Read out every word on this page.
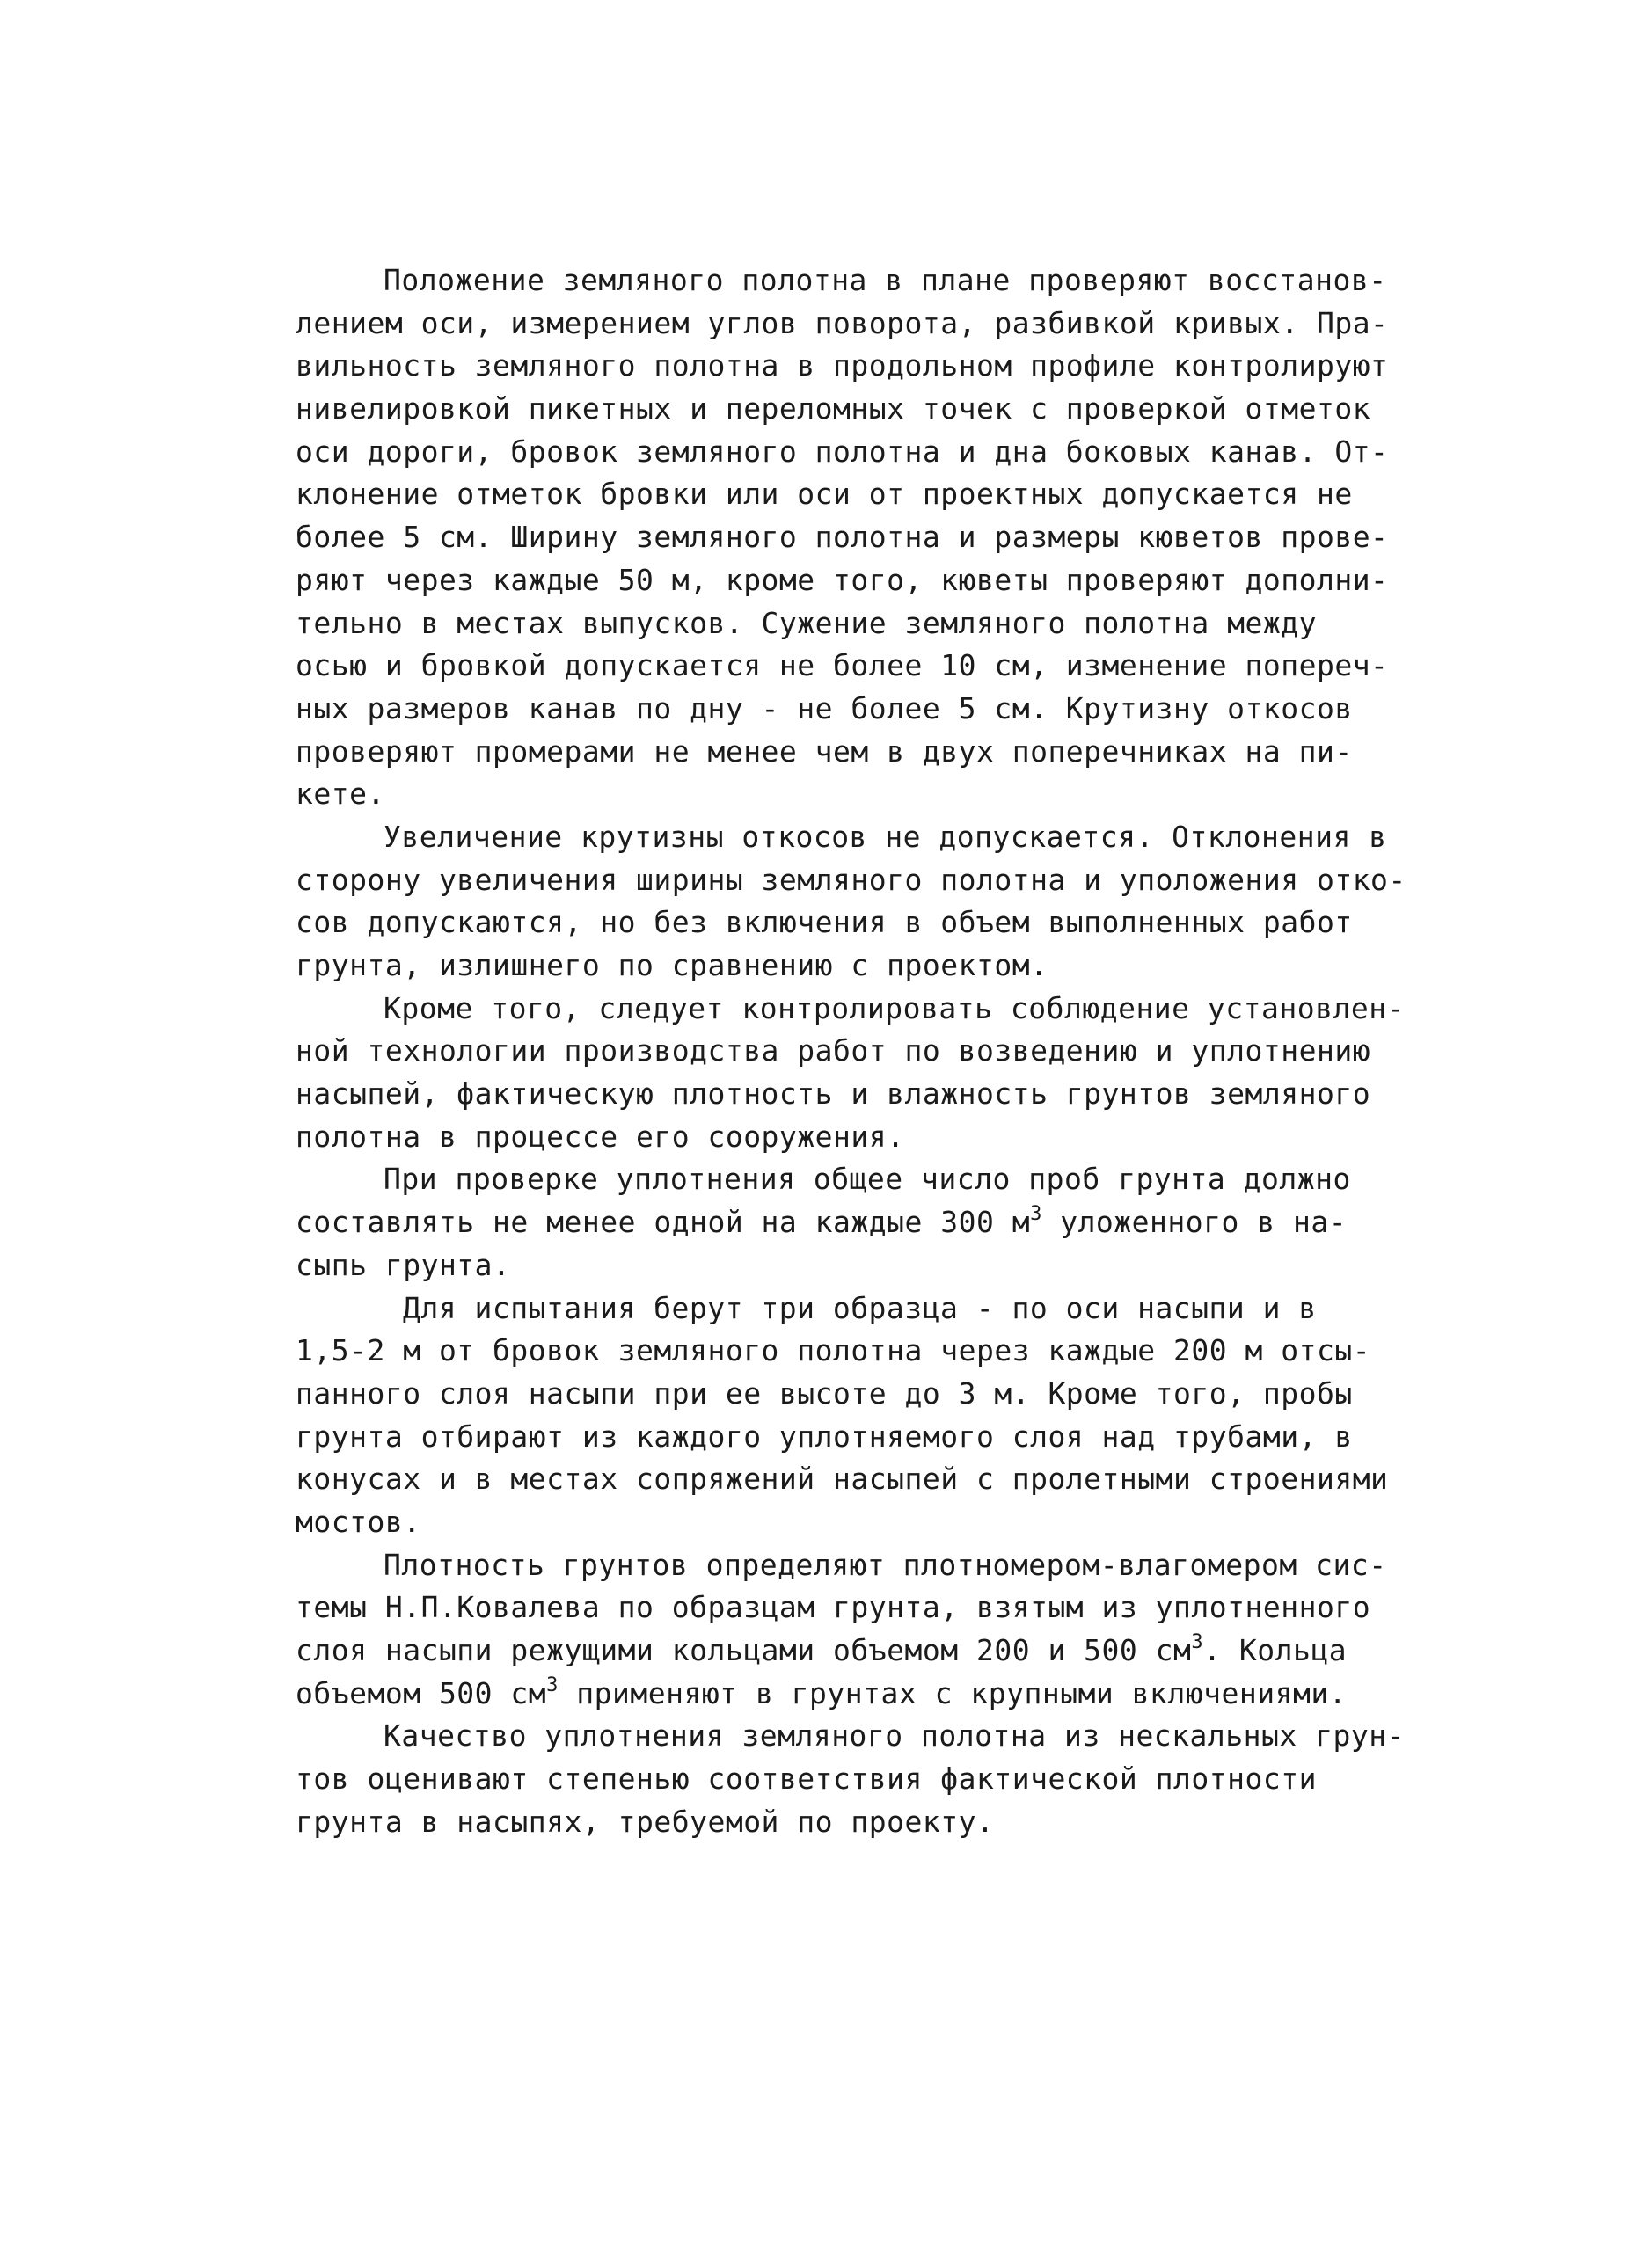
Положение земляного полотна в плане проверяют восстанов-
лением оси, измерением углов поворота, разбивкой кривых. Пра-
вильность земляного полотна в продольном профиле контролируют
нивелировкой пикетных и переломных точек с проверкой отметок
оси дороги, бровок земляного полотна и дна боковых канав. От-
клонение отметок бровки или оси от проектных допускается не
более 5 см. Ширину земляного полотна и размеры кюветов прове-
ряют через каждые 50 м, кроме того, кюветы проверяют дополни-
тельно в местах выпусков. Сужение земляного полотна между
осью и бровкой допускается не более 10 см, изменение попереч-
ных размеров канав по дну - не более 5 см. Крутизну откосов
проверяют промерами не менее чем в двух поперечниках на пи-
кете.
Увеличение крутизны откосов не допускается. Отклонения в
сторону увеличения ширины земляного полотна и уположения отко-
сов допускаются, но без включения в объем выполненных работ
грунта, излишнего по сравнению с проектом.
Кроме того, следует контролировать соблюдение установлен-
ной технологии производства работ по возведению и уплотнению
насыпей, фактическую плотность и влажность грунтов земляного
полотна в процессе его сооружения.
При проверке уплотнения общее число проб грунта должно
составлять не менее одной на каждые 300 $м^3$ уложенного в на-
сыпь грунта.
Для испытания берут три образца - по оси насыпи и в
1,5-2 м от бровок земляного полотна через каждые 200 м отсы-
панного слоя насыпи при ее высоте до 3 м. Кроме того, пробы
грунта отбирают из каждого уплотняемого слоя над трубами, в
конусах и в местах сопряжений насыпей с пролетными строениями
мостов.
Плотность грунтов определяют плотномером-влагомером сис-
темы Н.П.Ковалева по образцам грунта, взятым из уплотненного
слоя насыпи режущими кольцами объемом 200 и 500 $см^3$. Кольца
объемом 500 $см^3$ применяют в грунтах с крупными включениями.
Качество уплотнения земляного полотна из нескальных грун-
тов оценивают степенью соответствия фактической плотности
грунта в насыпях, требуемой по проекту.
